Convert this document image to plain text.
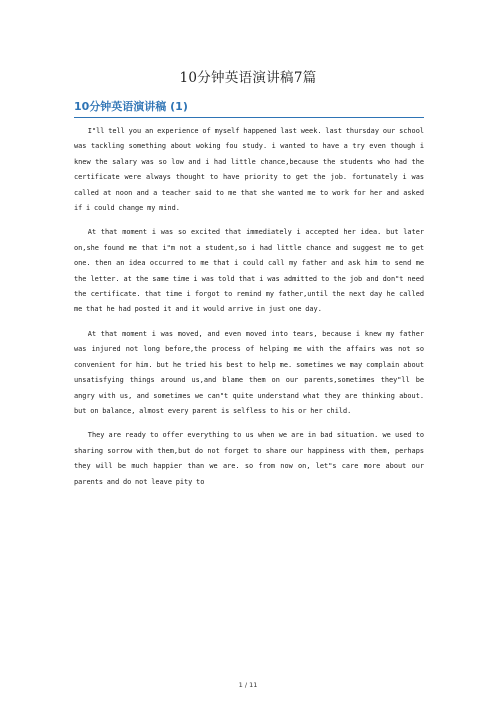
10分钟英语演讲稿7篇
10分钟英语演讲稿 (1)

I"ll tell you an experience of myself happened last week. last thursday our school was tackling something about woking fou study. i wanted to have a try even though i knew the salary was so low and i had little chance,because the students who had the certificate were always thought to have priority to get the job. fortunately i was called at noon and a teacher said to me that she wanted me to work for her and asked if i could change my mind.

At that moment i was so excited that immediately i accepted her idea. but later on,she found me that i"m not a student,so i had little chance and suggest me to get one. then an idea occurred to me that i could call my father and ask him to send me the letter. at the same time i was told that i was admitted to the job and don"t need the certificate. that time i forgot to remind my father,until the next day he called me that he had posted it and it would arrive in just one day.

At that moment i was moved, and even moved into tears, because i knew my father was injured not long before,the process of helping me with the affairs was not so convenient for him. but he tried his best to help me. sometimes we may complain about unsatisfying things around us,and blame them on our parents,sometimes they"ll be angry with us, and sometimes we can"t quite understand what they are thinking about. but on balance, almost every parent is selfless to his or her child.

They are ready to offer everything to us when we are in bad situation. we used to sharing sorrow with them,but do not forget to share our happiness with them, perhaps they will be much happier than we are. so from now on, let"s care more about our parents and do not leave pity to

1 / 11
